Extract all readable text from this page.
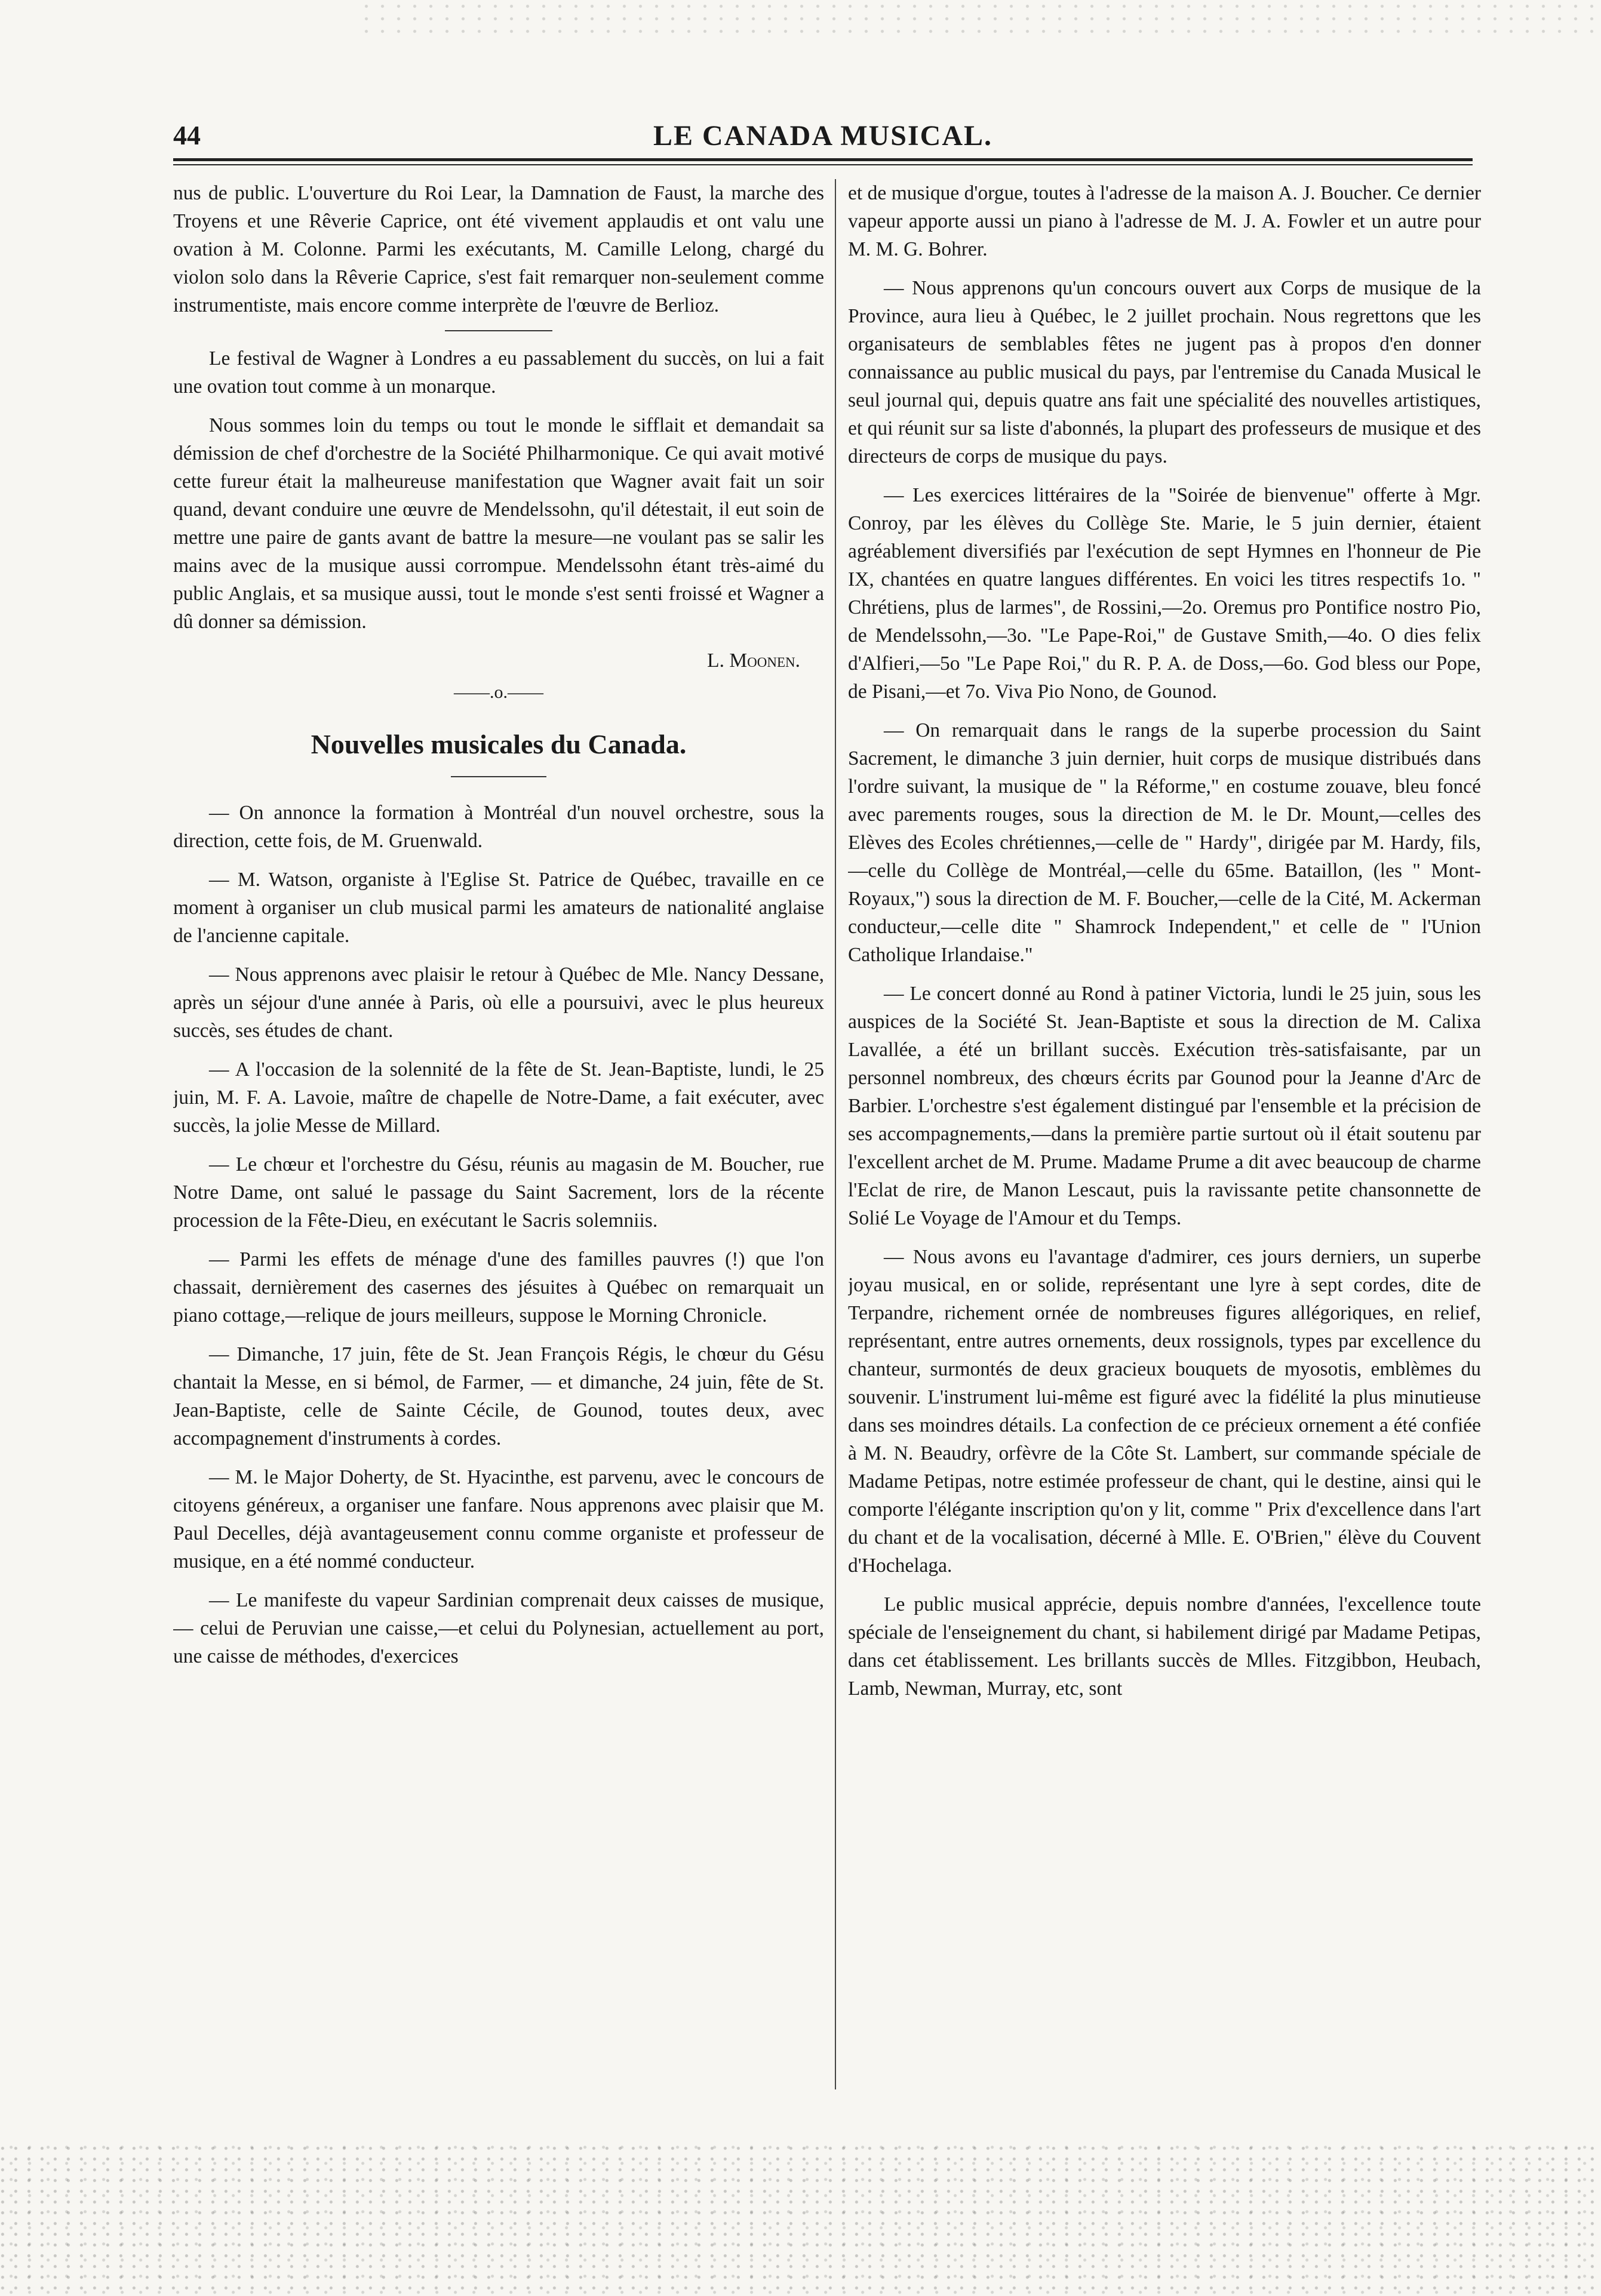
44	LE CANADA MUSICAL.

nus de public. L'ouverture du Roi Lear, la Damnation de Faust, la marche des Troyens et une Rêverie Caprice, ont été vivement applaudis et ont valu une ovation à M. Colonne. Parmi les exécutants, M. Camille Lelong, chargé du violon solo dans la Rêverie Caprice, s'est fait remarquer non-seulement comme instrumentiste, mais encore comme interprète de l'œuvre de Berlioz.

Le festival de Wagner à Londres a eu passablement du succès, on lui a fait une ovation tout comme à un monarque.

Nous sommes loin du temps ou tout le monde le sifflait et demandait sa démission de chef d'orchestre de la Société Philharmonique. Ce qui avait motivé cette fureur était la malheureuse manifestation que Wagner avait fait un soir quand, devant conduire une œuvre de Mendelssohn, qu'il détestait, il eut soin de mettre une paire de gants avant de battre la mesure—ne voulant pas se salir les mains avec de la musique aussi corrompue. Mendelssohn étant très-aimé du public Anglais, et sa musique aussi, tout le monde s'est senti froissé et Wagner a dû donner sa démission.

L. Moonen.
——.o.——
Nouvelles musicales du Canada.

— On annonce la formation à Montréal d'un nouvel orchestre, sous la direction, cette fois, de M. Gruenwald.

— M. Watson, organiste à l'Eglise St. Patrice de Québec, travaille en ce moment à organiser un club musical parmi les amateurs de nationalité anglaise de l'ancienne capitale.

— Nous apprenons avec plaisir le retour à Québec de Mle. Nancy Dessane, après un séjour d'une année à Paris, où elle a poursuivi, avec le plus heureux succès, ses études de chant.

— A l'occasion de la solennité de la fête de St. Jean-Baptiste, lundi, le 25 juin, M. F. A. Lavoie, maître de chapelle de Notre-Dame, a fait exécuter, avec succès, la jolie Messe de Millard.

— Le chœur et l'orchestre du Gésu, réunis au magasin de M. Boucher, rue Notre Dame, ont salué le passage du Saint Sacrement, lors de la récente procession de la Fête-Dieu, en exécutant le Sacris solemniis.

— Parmi les effets de ménage d'une des familles pauvres (!) que l'on chassait, dernièrement des casernes des jésuites à Québec on remarquait un piano cottage,—relique de jours meilleurs, suppose le Morning Chronicle.

— Dimanche, 17 juin, fête de St. Jean François Régis, le chœur du Gésu chantait la Messe, en si bémol, de Farmer, — et dimanche, 24 juin, fête de St. Jean-Baptiste, celle de Sainte Cécile, de Gounod, toutes deux, avec accompagnement d'instruments à cordes.

— M. le Major Doherty, de St. Hyacinthe, est parvenu, avec le concours de citoyens généreux, a organiser une fanfare. Nous apprenons avec plaisir que M. Paul Decelles, déjà avantageusement connu comme organiste et professeur de musique, en a été nommé conducteur.

— Le manifeste du vapeur Sardinian comprenait deux caisses de musique, — celui de Peruvian une caisse,—et celui du Polynesian, actuellement au port, une caisse de méthodes, d'exercices

et de musique d'orgue, toutes à l'adresse de la maison A. J. Boucher. Ce dernier vapeur apporte aussi un piano à l'adresse de M. J. A. Fowler et un autre pour M. M. G. Bohrer.

— Nous apprenons qu'un concours ouvert aux Corps de musique de la Province, aura lieu à Québec, le 2 juillet prochain. Nous regrettons que les organisateurs de semblables fêtes ne jugent pas à propos d'en donner connaissance au public musical du pays, par l'entremise du Canada Musical le seul journal qui, depuis quatre ans fait une spécialité des nouvelles artistiques, et qui réunit sur sa liste d'abonnés, la plupart des professeurs de musique et des directeurs de corps de musique du pays.

— Les exercices littéraires de la "Soirée de bienvenue" offerte à Mgr. Conroy, par les élèves du Collège Ste. Marie, le 5 juin dernier, étaient agréablement diversifiés par l'exécution de sept Hymnes en l'honneur de Pie IX, chantées en quatre langues différentes. En voici les titres respectifs 1o. " Chrétiens, plus de larmes", de Rossini,—2o. Oremus pro Pontifice nostro Pio, de Mendelssohn,—3o. "Le Pape-Roi," de Gustave Smith,—4o. O dies felix d'Alfieri,—5o "Le Pape Roi," du R. P. A. de Doss,—6o. God bless our Pope, de Pisani,—et 7o. Viva Pio Nono, de Gounod.

— On remarquait dans le rangs de la superbe procession du Saint Sacrement, le dimanche 3 juin dernier, huit corps de musique distribués dans l'ordre suivant, la musique de " la Réforme," en costume zouave, bleu foncé avec parements rouges, sous la direction de M. le Dr. Mount,—celles des Elèves des Ecoles chrétiennes,—celle de " Hardy", dirigée par M. Hardy, fils,—celle du Collège de Montréal,—celle du 65me. Bataillon, (les " Mont-Royaux,") sous la direction de M. F. Boucher,—celle de la Cité, M. Ackerman conducteur,—celle dite " Shamrock Independent," et celle de " l'Union Catholique Irlandaise."

— Le concert donné au Rond à patiner Victoria, lundi le 25 juin, sous les auspices de la Société St. Jean-Baptiste et sous la direction de M. Calixa Lavallée, a été un brillant succès. Exécution très-satisfaisante, par un personnel nombreux, des chœurs écrits par Gounod pour la Jeanne d'Arc de Barbier. L'orchestre s'est également distingué par l'ensemble et la précision de ses accompagnements,—dans la première partie surtout où il était soutenu par l'excellent archet de M. Prume. Madame Prume a dit avec beaucoup de charme l'Eclat de rire, de Manon Lescaut, puis la ravissante petite chansonnette de Solié Le Voyage de l'Amour et du Temps.

— Nous avons eu l'avantage d'admirer, ces jours derniers, un superbe joyau musical, en or solide, représentant une lyre à sept cordes, dite de Terpandre, richement ornée de nombreuses figures allégoriques, en relief, représentant, entre autres ornements, deux rossignols, types par excellence du chanteur, surmontés de deux gracieux bouquets de myosotis, emblèmes du souvenir. L'instrument lui-même est figuré avec la fidélité la plus minutieuse dans ses moindres détails. La confection de ce précieux ornement a été confiée à M. N. Beaudry, orfèvre de la Côte St. Lambert, sur commande spéciale de Madame Petipas, notre estimée professeur de chant, qui le destine, ainsi qui le comporte l'élégante inscription qu'on y lit, comme " Prix d'excellence dans l'art du chant et de la vocalisation, décerné à Mlle. E. O'Brien," élève du Couvent d'Hochelaga.

Le public musical apprécie, depuis nombre d'années, l'excellence toute spéciale de l'enseignement du chant, si habilement dirigé par Madame Petipas, dans cet établissement. Les brillants succès de Mlles. Fitzgibbon, Heubach, Lamb, Newman, Murray, etc, sont
